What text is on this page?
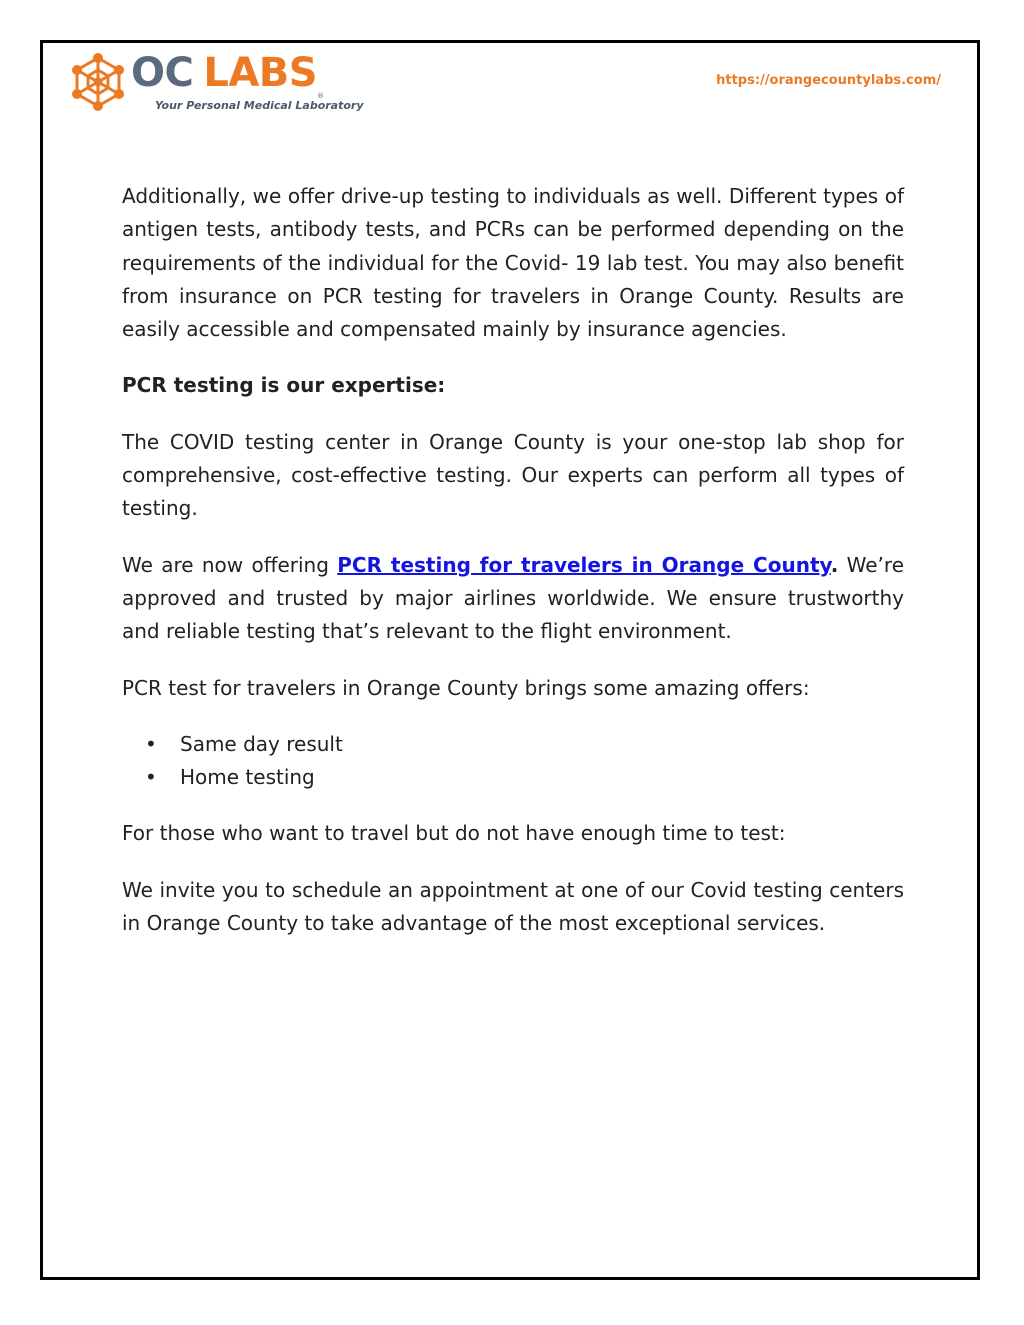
OC LABS ®
Your Personal Medical Laboratory
https://orangecountylabs.com/

Additionally, we offer drive-up testing to individuals as well. Different types of antigen tests, antibody tests, and PCRs can be performed depending on the requirements of the individual for the Covid- 19 lab test. You may also benefit from insurance on PCR testing for travelers in Orange County. Results are easily accessible and compensated mainly by insurance agencies.

PCR testing is our expertise:

The COVID testing center in Orange County is your one-stop lab shop for comprehensive, cost-effective testing. Our experts can perform all types of testing.

We are now offering PCR testing for travelers in Orange County. We’re approved and trusted by major airlines worldwide. We ensure trustworthy and reliable testing that’s relevant to the flight environment.

PCR test for travelers in Orange County brings some amazing offers:

• Same day result
• Home testing

For those who want to travel but do not have enough time to test:

We invite you to schedule an appointment at one of our Covid testing centers in Orange County to take advantage of the most exceptional services.
